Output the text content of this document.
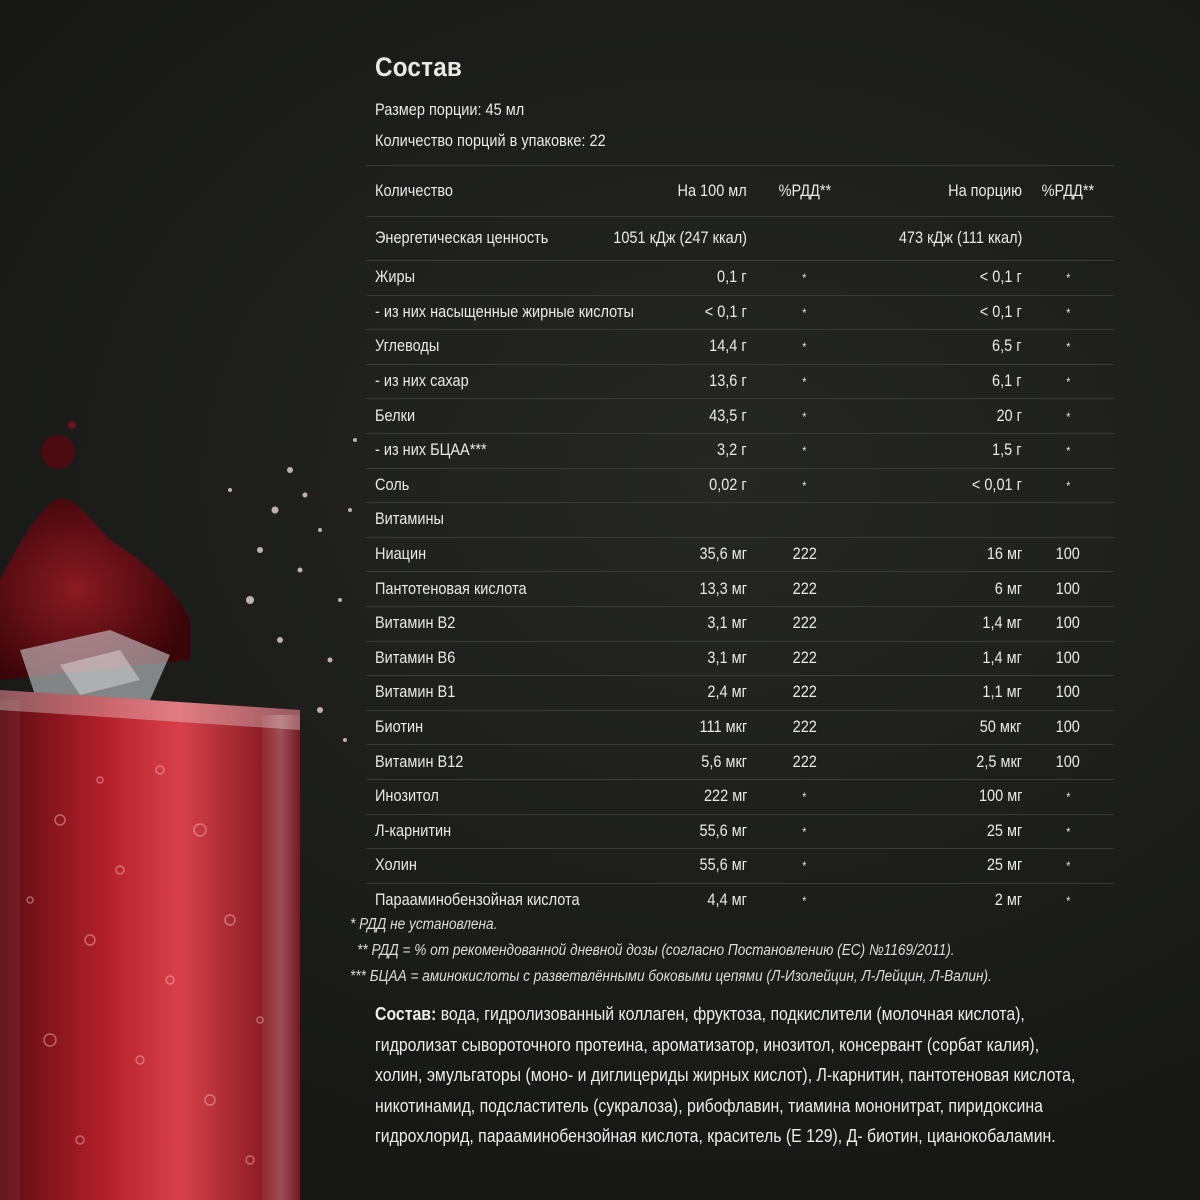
Состав
Размер порции: 45 мл
Количество порций в упаковке: 22
Количество	На 100 мл	%РДД**	На порцию	%РДД**
Энергетическая ценность	1051 кДж (247 ккал)	473 кДж (111 ккал)
Жиры	0,1 г	*	< 0,1 г	*
- из них насыщенные жирные кислоты	< 0,1 г	*	< 0,1 г	*
Углеводы	14,4 г	*	6,5 г	*
- из них сахар	13,6 г	*	6,1 г	*
Белки	43,5 г	*	20 г	*
- из них БЦАА***	3,2 г	*	1,5 г	*
Соль	0,02 г	*	< 0,01 г	*
Витамины
Ниацин	35,6 мг	222	16 мг	100
Пантотеновая кислота	13,3 мг	222	6 мг	100
Витамин В2	3,1 мг	222	1,4 мг	100
Витамин В6	3,1 мг	222	1,4 мг	100
Витамин В1	2,4 мг	222	1,1 мг	100
Биотин	111 мкг	222	50 мкг	100
Витамин В12	5,6 мкг	222	2,5 мкг	100
Инозитол	222 мг	*	100 мг	*
Л-карнитин	55,6 мг	*	25 мг	*
Холин	55,6 мг	*	25 мг	*
Парааминобензойная кислота	4,4 мг	*	2 мг	*
* РДД не установлена.
** РДД = % от рекомендованной дневной дозы (согласно Постановлению (ЕС) №1169/2011).
*** БЦАА = аминокислоты с разветвлёнными боковыми цепями (Л-Изолейцин, Л-Лейцин, Л-Валин).
Состав: вода, гидролизованный коллаген, фруктоза, подкислители (молочная кислота),
гидролизат сывороточного протеина, ароматизатор, инозитол, консервант (сорбат калия),
холин, эмульгаторы (моно- и диглицериды жирных кислот), Л-карнитин, пантотеновая кислота,
никотинамид, подсластитель (сукралоза), рибофлавин, тиамина мононитрат, пиридоксина
гидрохлорид, парааминобензойная кислота, краситель (Е 129), Д- биотин, цианокобаламин.
